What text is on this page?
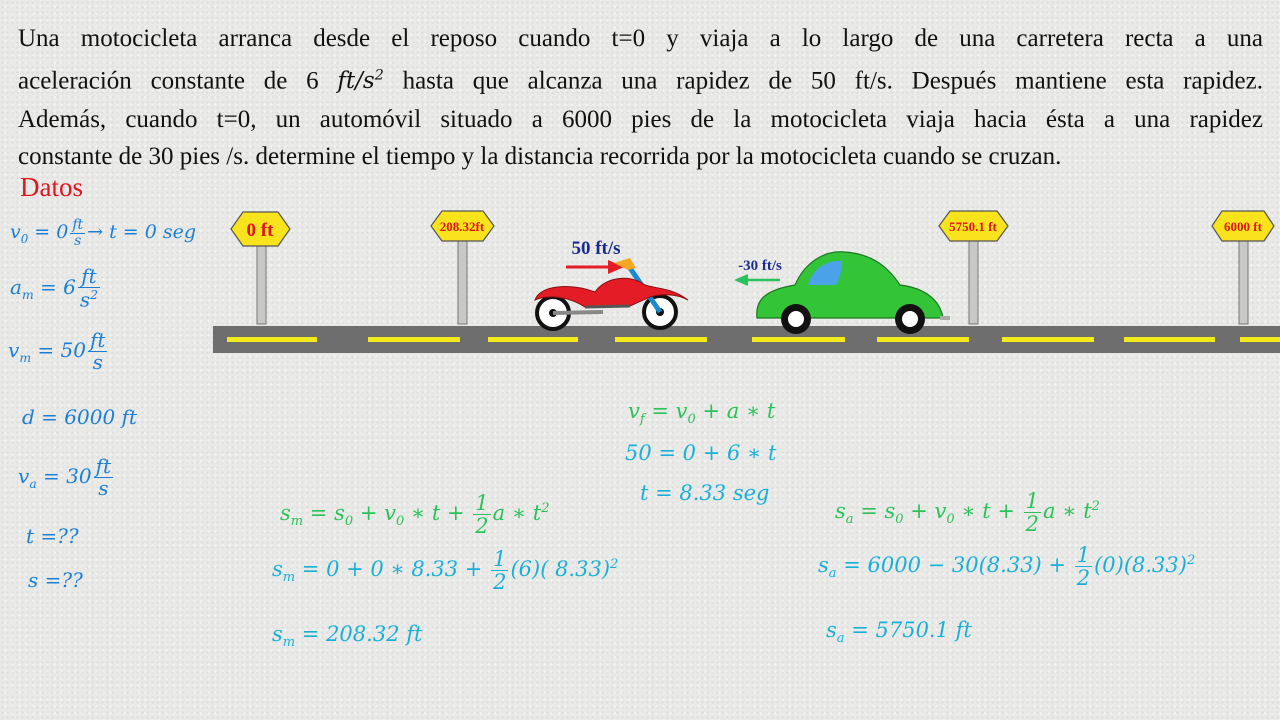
Una motocicleta arranca desde el reposo cuando t=0 y viaja a lo largo de una carretera recta a una
aceleración constante de 6 $ft/s^2$ hasta que alcanza una rapidez de 50 ft/s. Después mantiene esta rapidez.
Además, cuando t=0, un automóvil situado a 6000 pies de la motocicleta viaja hacia ésta a una rapidez
constante de 30 pies /s. determine el tiempo y la distancia recorrida por la motocicleta cuando se cruzan.
Datos
$v_0 = 0 \frac{ft}{s} \to t = 0$ seg
$a_m = 6 \frac{ft}{s^2}$
$v_m = 50 \frac{ft}{s}$
d = 6000 ft
$v_a = 30 \frac{ft}{s}$
t =??
s =??
0 ft	208.32ft	5750.1 ft	6000 ft
50 ft/s
-30 ft/s
$v_f = v_0 + a$ ∗ t
50 = 0 + 6 ∗ t
t = 8.33 seg
$s_m = s_0 + v_0$ ∗ $t + \frac{1}{2}$ a ∗ $t^2$
$s_m = 0 + 0$ ∗ $8.33 + \frac{1}{2} (6)$( 8.33)$^2$
$s_m = 208.32$ ft
$s_a = s_0 + v_0$ ∗ $t + \frac{1}{2}$ a ∗ $t^2$
$s_a = 6000 - 30(8.33) + \frac{1}{2} (0)(8.33)^2$
$s_a = 5750.1$ ft
